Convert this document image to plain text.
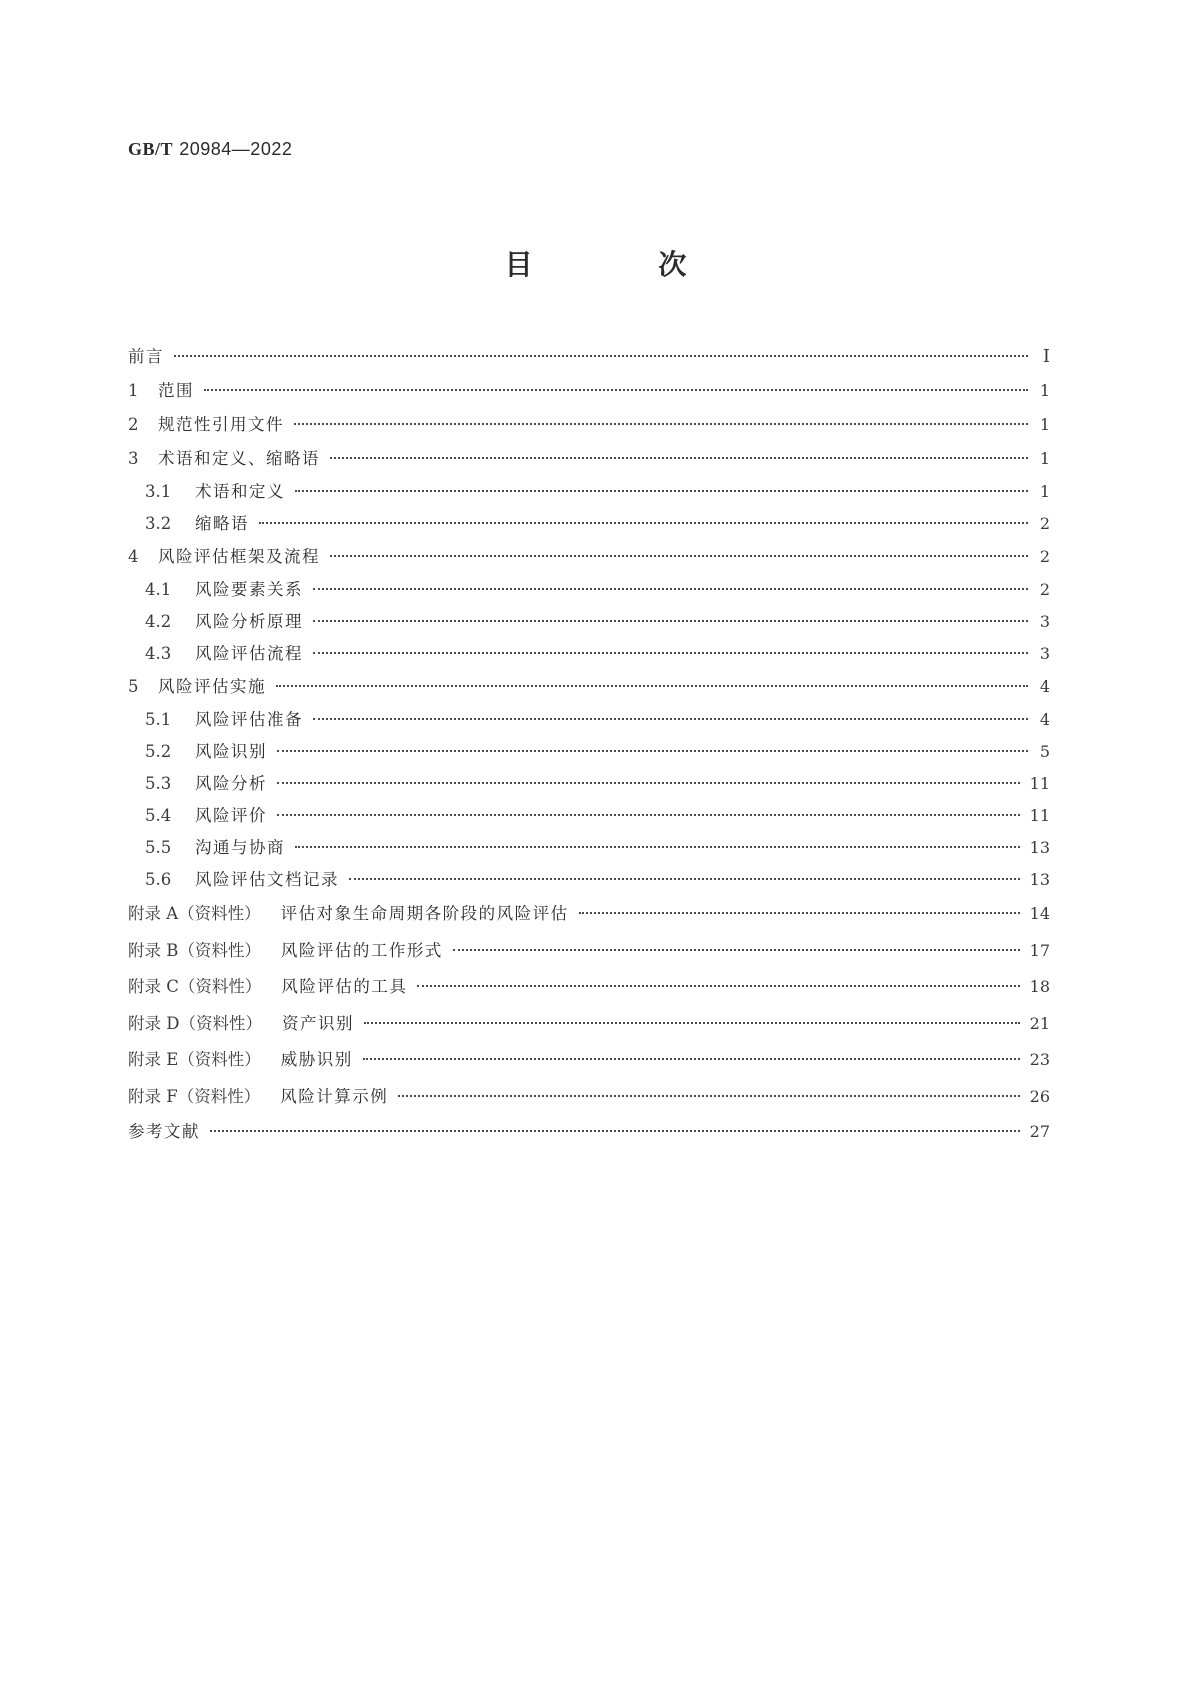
GB/T 20984—2022
目 次
前言	Ⅰ
1	范围	1
2	规范性引用文件	1
3	术语和定义、缩略语	1
3.1	术语和定义	1
3.2	缩略语	2
4	风险评估框架及流程	2
4.1	风险要素关系	2
4.2	风险分析原理	3
4.3	风险评估流程	3
5	风险评估实施	4
5.1	风险评估准备	4
5.2	风险识别	5
5.3	风险分析	11
5.4	风险评价	11
5.5	沟通与协商	13
5.6	风险评估文档记录	13
附录 A（资料性） 评估对象生命周期各阶段的风险评估	14
附录 B（资料性） 风险评估的工作形式	17
附录 C（资料性） 风险评估的工具	18
附录 D（资料性） 资产识别	21
附录 E（资料性） 威胁识别	23
附录 F（资料性） 风险计算示例	26
参考文献	27
